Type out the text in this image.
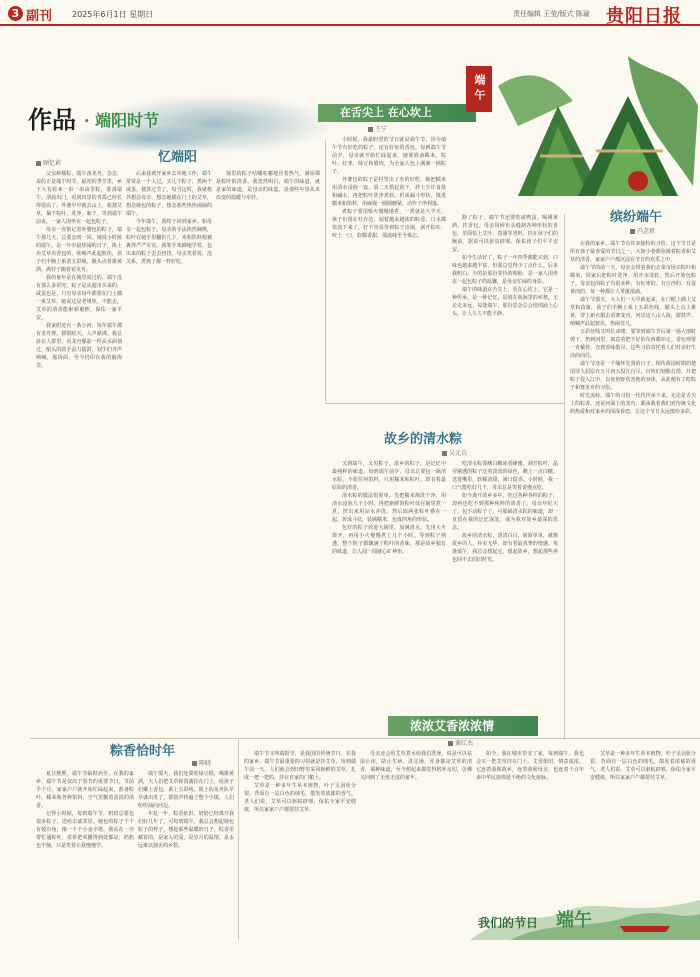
3 副刊 2025年6月1日 星期日	责任编辑 王莹/版式 陈瑜 贵阳日报
作品 · 端阳时节	在舌尖上 在心坎上
王宁
端午
忆端阳
顾忆莉

父亲种糯粽，端午备龙舟。念念，说的正是端午时节。最初的季节里，乡下大有粒米一串一串由里粽，准备端午。清晨出门，看到田里的青蒿已经长得很高了。外婆早早就去山上，收割艾草，摘下粽叶，洗净，晾干，等到端午前夜，一家人围坐在一起包粽子。

母亲一直惦记着外婆包的粽子，端午那几天，总要念叨一回。她说小时候的端午，是一年中最热闹的日子，街上卖艾草卖香包的，吆喝声此起彼伏，孩子们手腕上系着五彩绳，额头点着雄黄酒，满村子跑着看龙舟。

我的童年是在城里度过的，端午没有那么多讲究。粽子是从超市买来的，咸蛋也是，只有母亲每年都要在门上插一束艾草，她说这是老规矩，不能丢，艾草的清香能驱邪避秽，保佑一家平安。

我家附近有一条小河，每年端午都有龙舟赛，锣鼓喧天，人声鼎沸。我总挤在人群里，看龙舟像箭一样从水面划过，船头的鼓手奋力擂鼓，划手们齐声呐喊，那场面，至今仍印在我的脑海里。

后来我离开家乡去外地工作，端午常常是一个人过。买几个粽子，煮两个咸蛋，便算过节了。每当这时，我就格外想念母亲，想念她插在门上的艾草，想念她包的粽子，想念那些热热闹闹的端午。

今年端午，我终于回到家乡，和母亲一起包粽子。母亲的手法依然娴熟，粽叶在她手里翻折几下，米和馅料便被裹得严严实实。我笨手笨脚地学着，包出来的粽子歪歪扭扭，母亲笑着说，没关系，煮熟了都一样好吃。

锅里的粽子咕嘟咕嘟地冒着热气，满屋都是粽叶的清香。我忽然明白，端午的味道，就是家的味道，是母亲的味道，是那些年里从未改变的温暖与牵挂。

小时候，我最盼望的节日就是端午节。因为端午节有好吃的粽子，还有好玩的香包。每到端午节前夕，母亲就开始忙碌起来，她要准备糯米、粽叶、红枣、绿豆和腊肉，为全家人包上满满一锅粽子。

外婆包的粽子是村里出了名的好吃。她把糯米用清水浸泡一夜，第二天捞起沥干，拌上少许食盐和碱水，再把粽叶洗净煮软，折成漏斗形状，填进糯米和馅料，用麻绳一圈圈缠紧，动作干净利落。

煮粽子要用柴火慢慢地煮，一煮就是大半天。孩子们围在灶台边，闻着越来越浓的粽香，口水都快流下来了。好不容易等到粽子出锅，剥开粽叶，咬上一口，软糯香甜，那滋味至今难忘。

除了粽子，端午节还要吃咸鸭蛋、喝雄黄酒、挂香包。母亲用碎布头缝制各种形状的香包，里面装上艾叶、菖蒲等香料，挂在孩子们的胸前，据说可以驱虫辟邪，保佑孩子们平平安安。

如今生活好了，粽子一年四季都能买到，口味也越来越丰富，但我总觉得少了点什么。后来我明白，少的是那份等待的期盼，是一家人围坐在一起包粽子的温馨，是母亲忙碌的身影。

端午的味道在舌尖上，更在心坎上。它是一种传承，是一种记忆，是刻在血脉里的乡愁。无论走多远，每逢端午，那份思念总会悄悄涌上心头，让人久久不能平静。

缤纷端午
冯念祖

在我的家乡，端午节有许多独特的习俗。这个节日是所有孩子最喜爱的节日之一，大街小巷都弥漫着粽香和艾草的清香，家家户户都沉浸在节日的欢乐之中。

端午节的前一天，母亲会带着我们去菜市场买粽叶和糯米，回家后把粽叶洗净，用开水烫软，然后开始包粽子。母亲包的粽子有很多种，有红枣的、有豆沙的、有蛋黄肉的，每一种都让人垂涎欲滴。

端午节那天，大人们一大早就起来，在门楣上插上艾草和菖蒲，孩子们手腕上系上五彩丝线，额头上点上雄黄，穿上新衣服去看赛龙舟。河岸边人山人海，锣鼓声、呐喊声此起彼伏，热闹非凡。

五彩丝线又叫长命缕，要等到端午节后第一场大雨时剪下，扔到河里，寓意着把不好的东西都冲走。香包则要一直戴着，直到香味散尽，这些习俗寄托着人们对美好生活的向往。

端午节还是一个缅怀先贤的日子。相传战国时期的楚国诗人屈原在五月初五投江自尽，百姓们划船打捞，并把粽子投入江中，以免鱼虾伤害他的身体，从此便有了吃粽子和赛龙舟的习俗。

时光流转，端午的习俗一代代传承下来。无论是舌尖上的粽香，还是河面上的龙舟，都承载着我们对传统文化的热爱和对家乡的深深眷恋，让这个节日永远缤纷多彩。

故乡的清水粽
吴元兵

又到端午，又见粽子。故乡的粽子，是记忆中最纯粹的味道。每到端午前夕，母亲总要包一锅清水粽，不放任何馅料，只用糯米和粽叶，却有着最原始的清香。

清水粽的做法很简单。先把糯米淘洗干净，用清水浸泡几个小时，再把新鲜的粽叶放在锅里煮一煮，捞出来用凉水冲洗。然后取两张粽叶叠在一起，折成斗状，装满糯米，包成四角的形状。

包好的粽子放进大锅里，加满清水，先用大火烧开，再用小火慢慢煮上几个小时。等到粽子熟透，整个院子都飘满了粽叶的香味，那是故乡独有的味道，让人闻一闻就心旷神怡。

吃清水粽要蘸白糖或者蜂蜜。剥开粽叶，晶莹剔透的粽子泛着淡淡的绿色，蘸上一点白糖，送进嘴里，软糯清甜，满口留香。小时候，我一口气能吃好几个，母亲总是笑着说慢点吃。

如今离开故乡多年，吃过各种各样的粽子，却再也吃不到那种纯粹的清香了。母亲年纪大了，包不动粽子了，可那锅清水粽的味道，却一直留在我的记忆深处，成为我对故乡最深的思念。

故乡的清水粽，清清白白，简简单单，就像故乡的人，朴实无华，却有着最真挚的情感。每逢端午，我总会想起它，想起故乡，想起那些再也回不去的旧时光。

粽香恰时年
陈晓

夏日熙熙，端午节临时而至。在我的家乡，端午节是仅次于春节的重要节日。节前半个月，家家户户就开始忙碌起来，准备粽叶、糯米和各种馅料，空气里飘着淡淡的清香。

记得小时候，每到端午节，奶奶总要包很多粽子，送给亲戚邻居。她包的粽子个个有棱有角，像一个个小金字塔。我站在一旁帮忙递粽叶，常常把米撒得到处都是，奶奶也不恼，只是笑着让我慢慢学。

端午那天，我们还要吃绿豆糕、喝雄黄酒，大人们把艾草和菖蒲挂在门上，给孩子们戴上香包，系上五彩线。街上的龙舟队早早就出发了，锣鼓声传遍了整个小镇，人们纷纷涌向河边。

年复一年，粽香依旧。奶奶已经离开我们好几年了，可每到端午，我总会想起她包粽子的样子，想起那些温暖的日子。粽香里藏着的，是家人的爱，是岁月的温情，是永远难以割舍的乡愁。

浓浓艾香浓浓情
谢红杰

端午节又叫端阳节，是我国的传统节日。在我的家乡，端午节最重要的习俗就是挂艾草。每到端午前一天，人们就会到田野里采回新鲜的艾草，扎成一把一把的，挂在自家的门楣上。

艾草是一种多年生草本植物，叶子呈羽状分裂，背面有一层白色的绒毛，散发着浓郁的香气。老人们说，艾草可以驱蚊辟邪，保佑全家平安健康，所以家家户户都要挂艾草。

母亲还会用艾草煮水给我们洗澡，说是可以祛湿止痒，防止生病。洗完澡，浑身都是艾草的清香，那种味道，至今想起来都觉得格外亲切，仿佛又回到了无忧无虑的童年。

如今，我在城市里安了家，每到端午，我也会买一把艾草挂在门上。艾香依旧，情意浓浓，它连着我和故乡，连着我和母亲，也连着千百年来中华民族绵延不绝的文化血脉。

艾草是一种多年生草本植物，叶子呈羽状分裂，背面有一层白色的绒毛，散发着浓郁的香气。老人们说，艾草可以驱蚊辟邪，保佑全家平安健康，所以家家户户都要挂艾草。

我们的节日 端午
